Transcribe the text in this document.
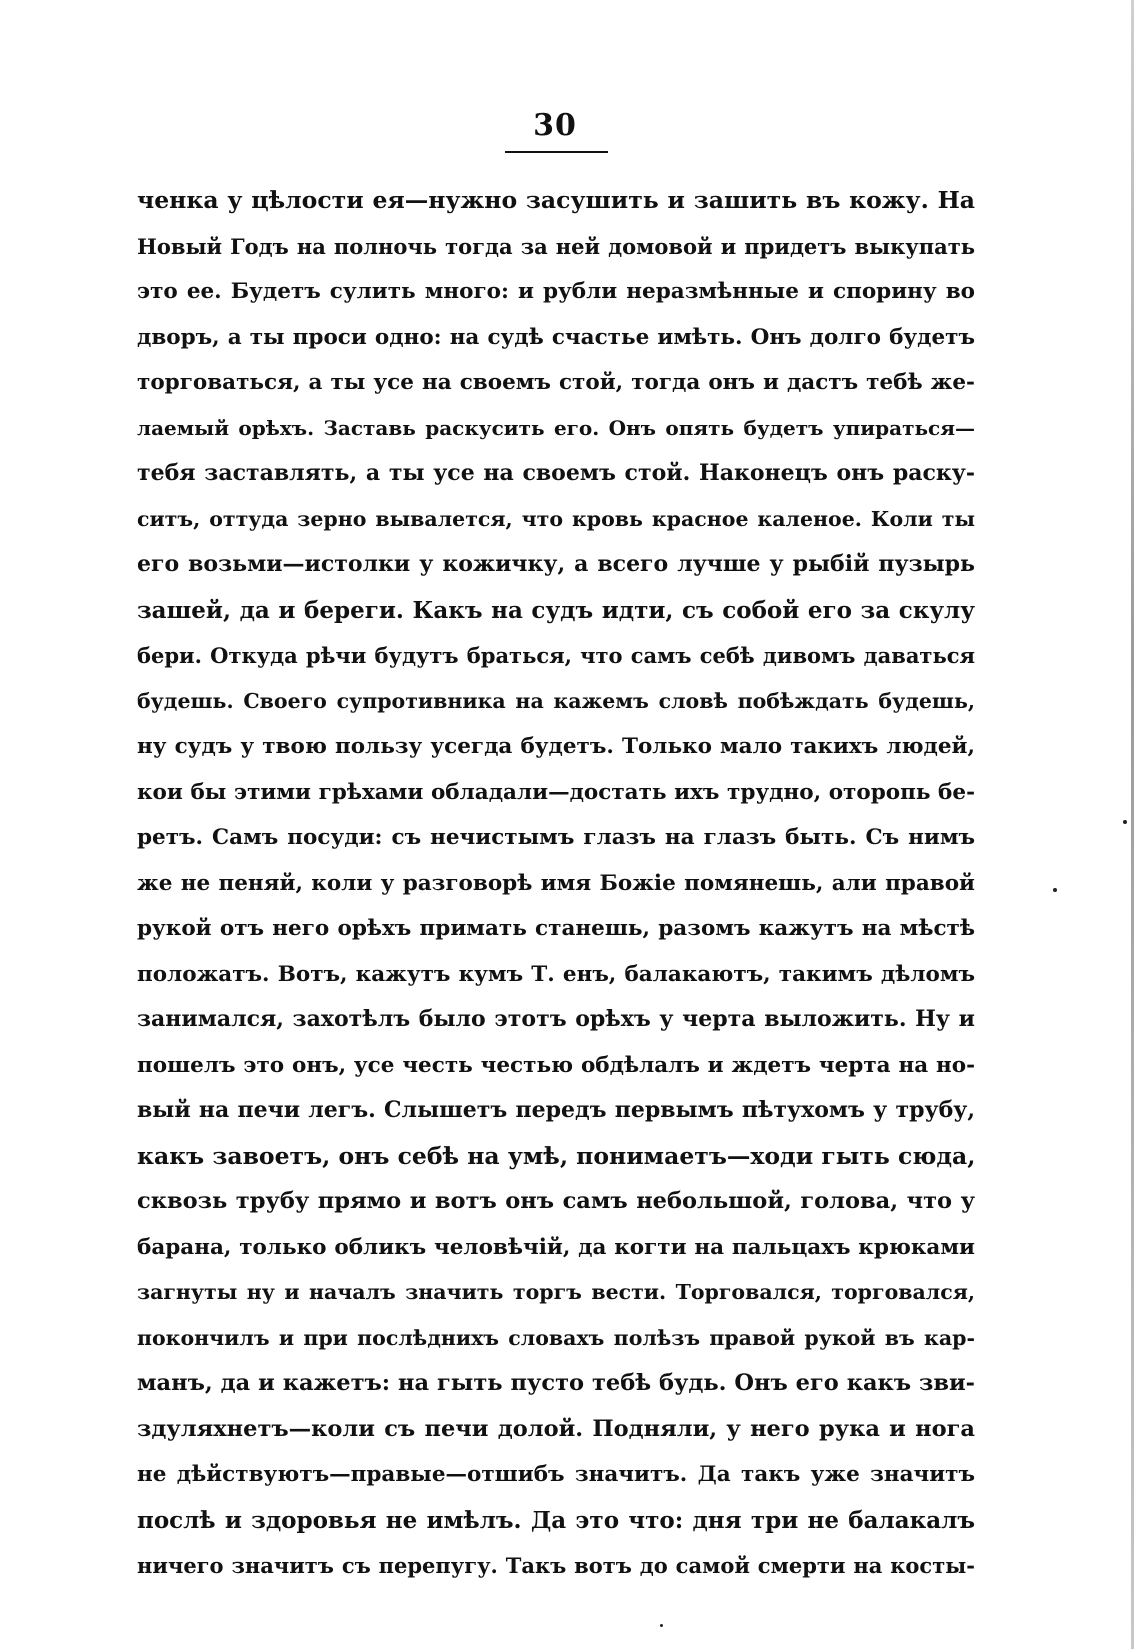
30
ченка у цѣлости ея—нужно засушить и зашить въ кожу. На
Новый Годъ на полночь тогда за ней домовой и придетъ выкупать
это ее. Будетъ сулить много: и рубли неразмѣнные и спорину во
дворъ, а ты проси одно: на судѣ счастье имѣть. Онъ долго будетъ
торговаться, а ты усе на своемъ стой, тогда онъ и дастъ тебѣ же-
лаемый орѣхъ. Заставь раскусить его. Онъ опять будетъ упираться—
тебя заставлять, а ты усе на своемъ стой. Наконецъ онъ раску-
ситъ, оттуда зерно вывалется, что кровь красное каленое. Коли ты
его возьми—истолки у кожичку, а всего лучше у рыбій пузырь
зашей, да и береги. Какъ на судъ идти, съ собой его за скулу
бери. Откуда рѣчи будутъ браться, что самъ себѣ дивомъ даваться
будешь. Своего супротивника на кажемъ словѣ побѣждать будешь,
ну судъ у твою пользу усегда будетъ. Только мало такихъ людей,
кои бы этими грѣхами обладали—достать ихъ трудно, оторопь бе-
ретъ. Самъ посуди: съ нечистымъ глазъ на глазъ быть. Съ нимъ
же не пеняй, коли у разговорѣ имя Божіе помянешь, али правой
рукой отъ него орѣхъ примать станешь, разомъ кажутъ на мѣстѣ
положатъ. Вотъ, кажутъ кумъ Т. енъ, балакаютъ, такимъ дѣломъ
занимался, захотѣлъ было этотъ орѣхъ у черта выложить. Ну и
пошелъ это онъ, усе честь честью обдѣлалъ и ждетъ черта на но-
вый на печи легъ. Слышетъ передъ первымъ пѣтухомъ у трубу,
какъ завоетъ, онъ себѣ на умѣ, понимаетъ—ходи гыть сюда,
сквозь трубу прямо и вотъ онъ самъ небольшой, голова, что у
барана, только обликъ человѣчій, да когти на пальцахъ крюками
загнуты ну и началъ значить торгъ вести. Торговался, торговался,
покончилъ и при послѣднихъ словахъ полѣзъ правой рукой въ кар-
манъ, да и кажетъ: на гыть пусто тебѣ будь. Онъ его какъ зви-
здуляхнетъ—коли съ печи долой. Подняли, у него рука и нога
не дѣйствуютъ—правые—отшибъ значитъ. Да такъ уже значитъ
послѣ и здоровья не имѣлъ. Да это что: дня три не балакалъ
ничего значитъ съ перепугу. Такъ вотъ до самой смерти на косты-
